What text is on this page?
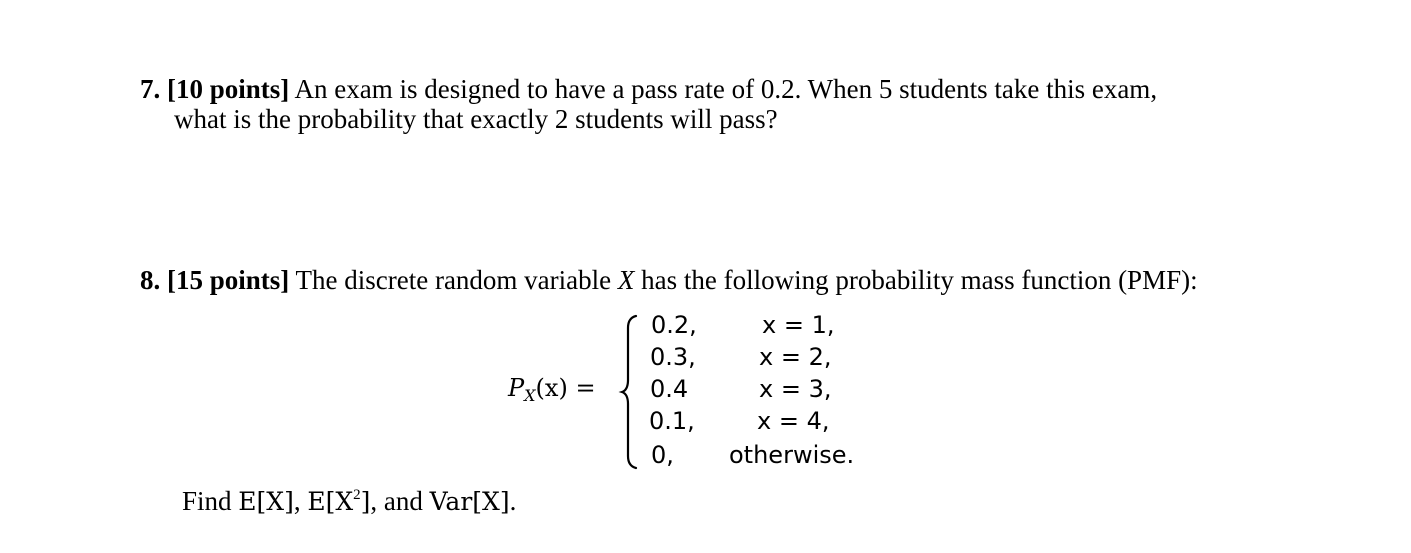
7. [10 points] An exam is designed to have a pass rate of 0.2. When 5 students take this exam,
what is the probability that exactly 2 students will pass?
8. [15 points] The discrete random variable X has the following probability mass function (PMF):
$P_X(x)$ =
0.2,
0.3,
0.4
0.1,
0,
x = 1,
x = 2,
x = 3,
x = 4,
otherwise.
Find E[X], $E[X^2]$, and Var[X].
